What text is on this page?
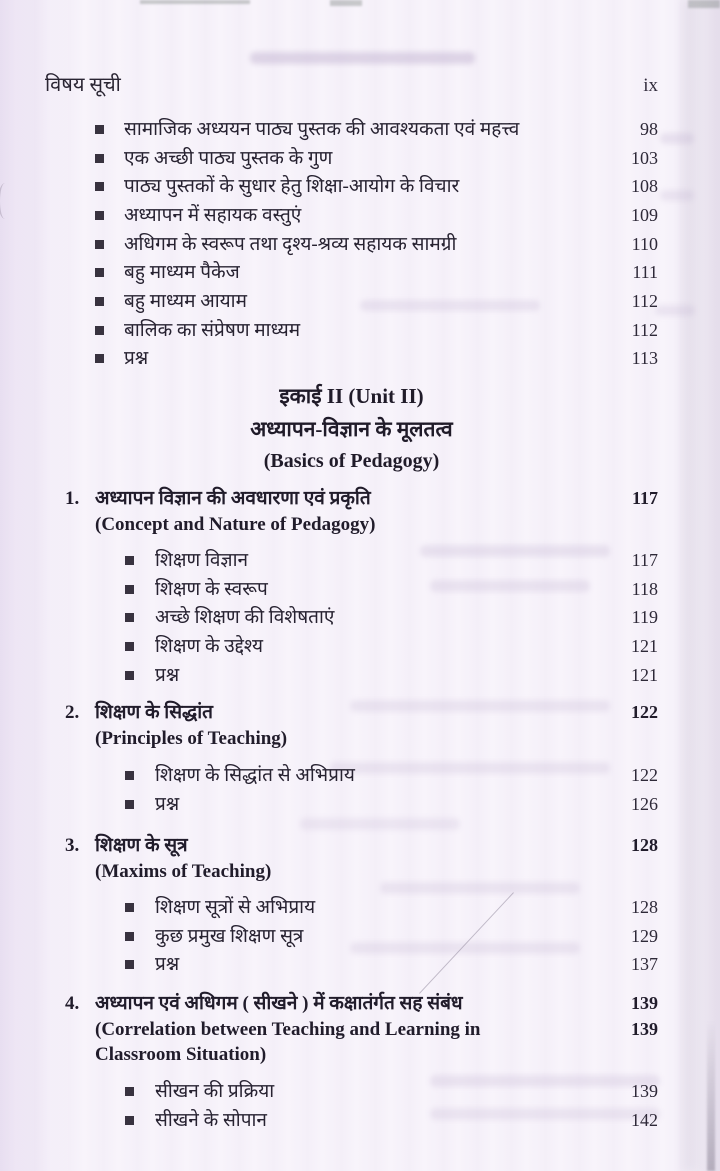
विषय सूची	ix
सामाजिक अध्ययन पाठ्य पुस्तक की आवश्यकता एवं महत्त्व	98
एक अच्छी पाठ्य पुस्तक के गुण	103
पाठ्य पुस्तकों के सुधार हेतु शिक्षा-आयोग के विचार	108
अध्यापन में सहायक वस्तुएं	109
अधिगम के स्वरूप तथा दृश्य-श्रव्य सहायक सामग्री	110
बहु माध्यम पैकेज	111
बहु माध्यम आयाम	112
बालिक का संप्रेषण माध्यम	112
प्रश्न	113
इकाई II (Unit II)
अध्यापन-विज्ञान के मूलतत्व
(Basics of Pedagogy)
1. अध्यापन विज्ञान की अवधारणा एवं प्रकृति	117
(Concept and Nature of Pedagogy)
शिक्षण विज्ञान	117
शिक्षण के स्वरूप	118
अच्छे शिक्षण की विशेषताएं	119
शिक्षण के उद्देश्य	121
प्रश्न	121
2. शिक्षण के सिद्धांत	122
(Principles of Teaching)
शिक्षण के सिद्धांत से अभिप्राय	122
प्रश्न	126
3. शिक्षण के सूत्र	128
(Maxims of Teaching)
शिक्षण सूत्रों से अभिप्राय	128
कुछ प्रमुख शिक्षण सूत्र	129
प्रश्न	137
4. अध्यापन एवं अधिगम ( सीखने ) में कक्षातंर्गत सह संबंध	139
(Correlation between Teaching and Learning in	139
Classroom Situation)
सीखन की प्रक्रिया	139
सीखने के सोपान	142
